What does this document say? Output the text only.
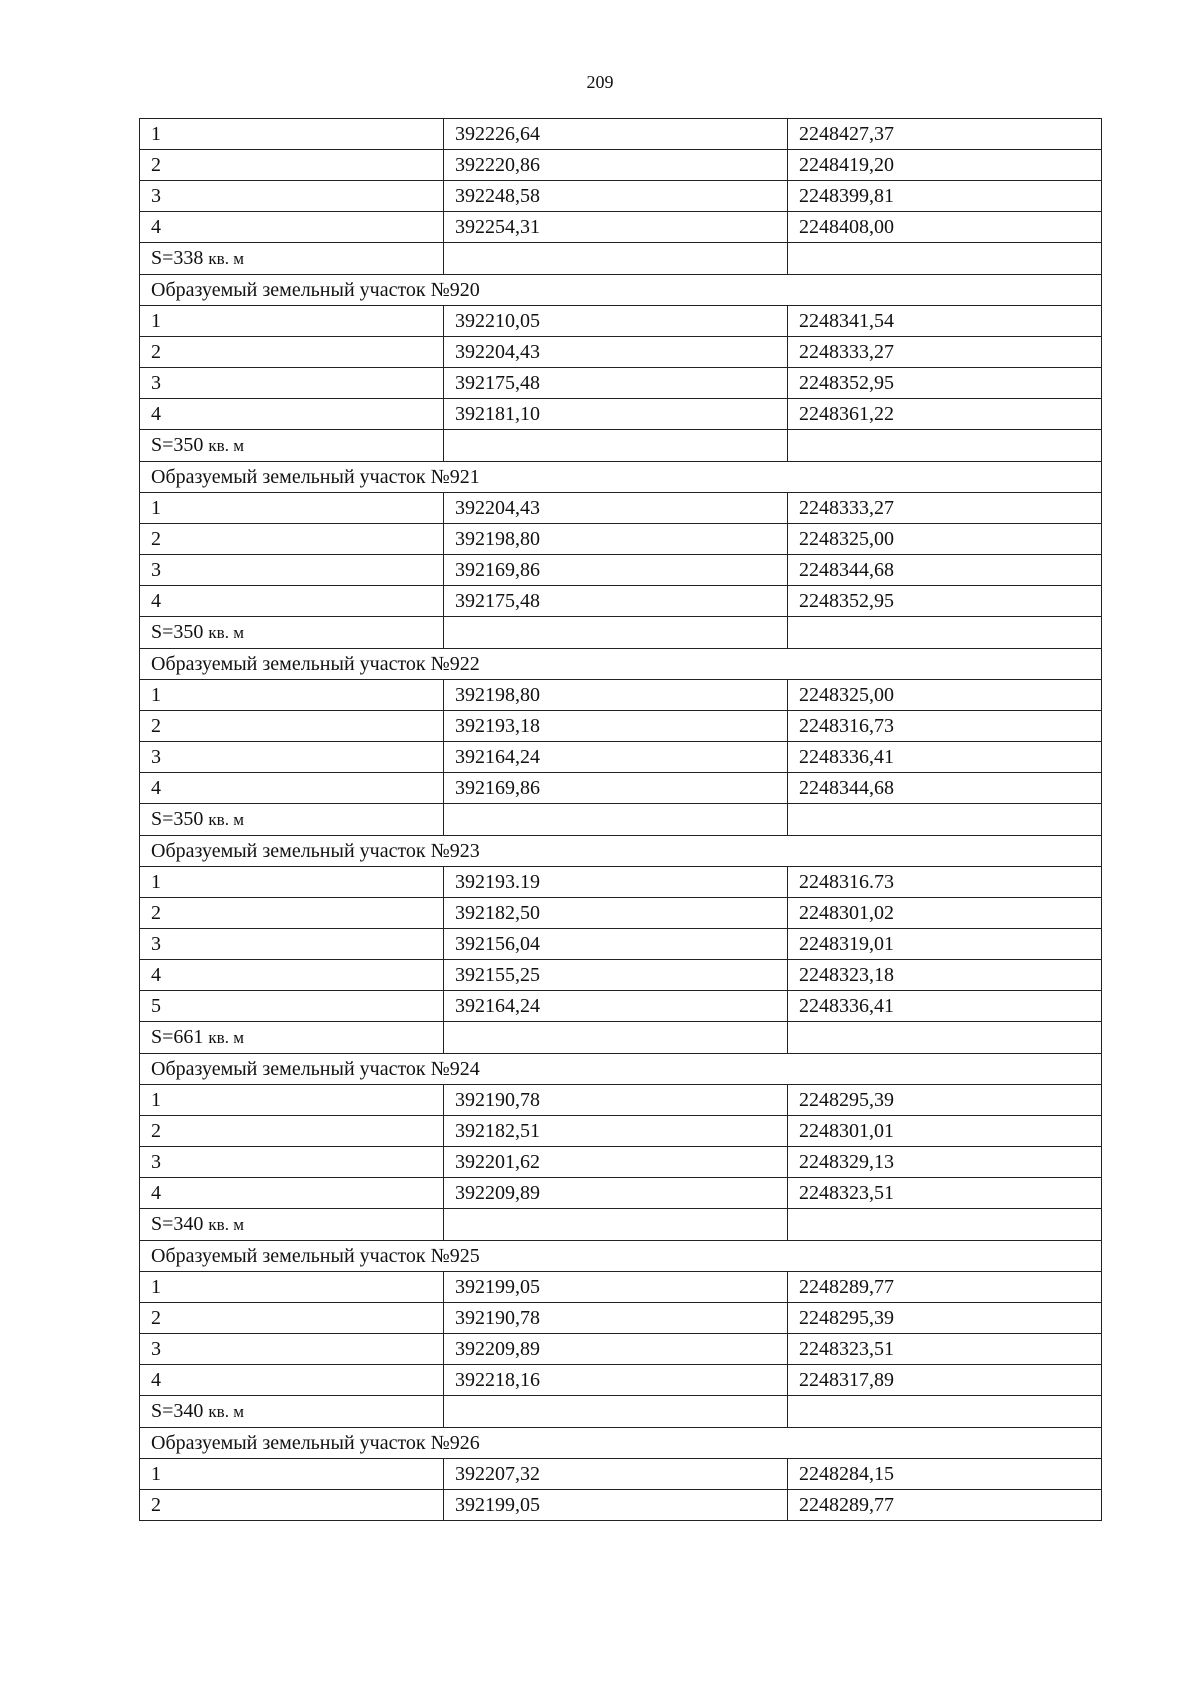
209
1	392226,64	2248427,37
2	392220,86	2248419,20
3	392248,58	2248399,81
4	392254,31	2248408,00
S=338 кв. м		
Образуемый земельный участок №920		
1	392210,05	2248341,54
2	392204,43	2248333,27
3	392175,48	2248352,95
4	392181,10	2248361,22
S=350 кв. м		
Образуемый земельный участок №921		
1	392204,43	2248333,27
2	392198,80	2248325,00
3	392169,86	2248344,68
4	392175,48	2248352,95
S=350 кв. м		
Образуемый земельный участок №922		
1	392198,80	2248325,00
2	392193,18	2248316,73
3	392164,24	2248336,41
4	392169,86	2248344,68
S=350 кв. м		
Образуемый земельный участок №923		
1	392193.19	2248316.73
2	392182,50	2248301,02
3	392156,04	2248319,01
4	392155,25	2248323,18
5	392164,24	2248336,41
S=661 кв. м		
Образуемый земельный участок №924		
1	392190,78	2248295,39
2	392182,51	2248301,01
3	392201,62	2248329,13
4	392209,89	2248323,51
S=340 кв. м		
Образуемый земельный участок №925		
1	392199,05	2248289,77
2	392190,78	2248295,39
3	392209,89	2248323,51
4	392218,16	2248317,89
S=340 кв. м		
Образуемый земельный участок №926		
1	392207,32	2248284,15
2	392199,05	2248289,77
